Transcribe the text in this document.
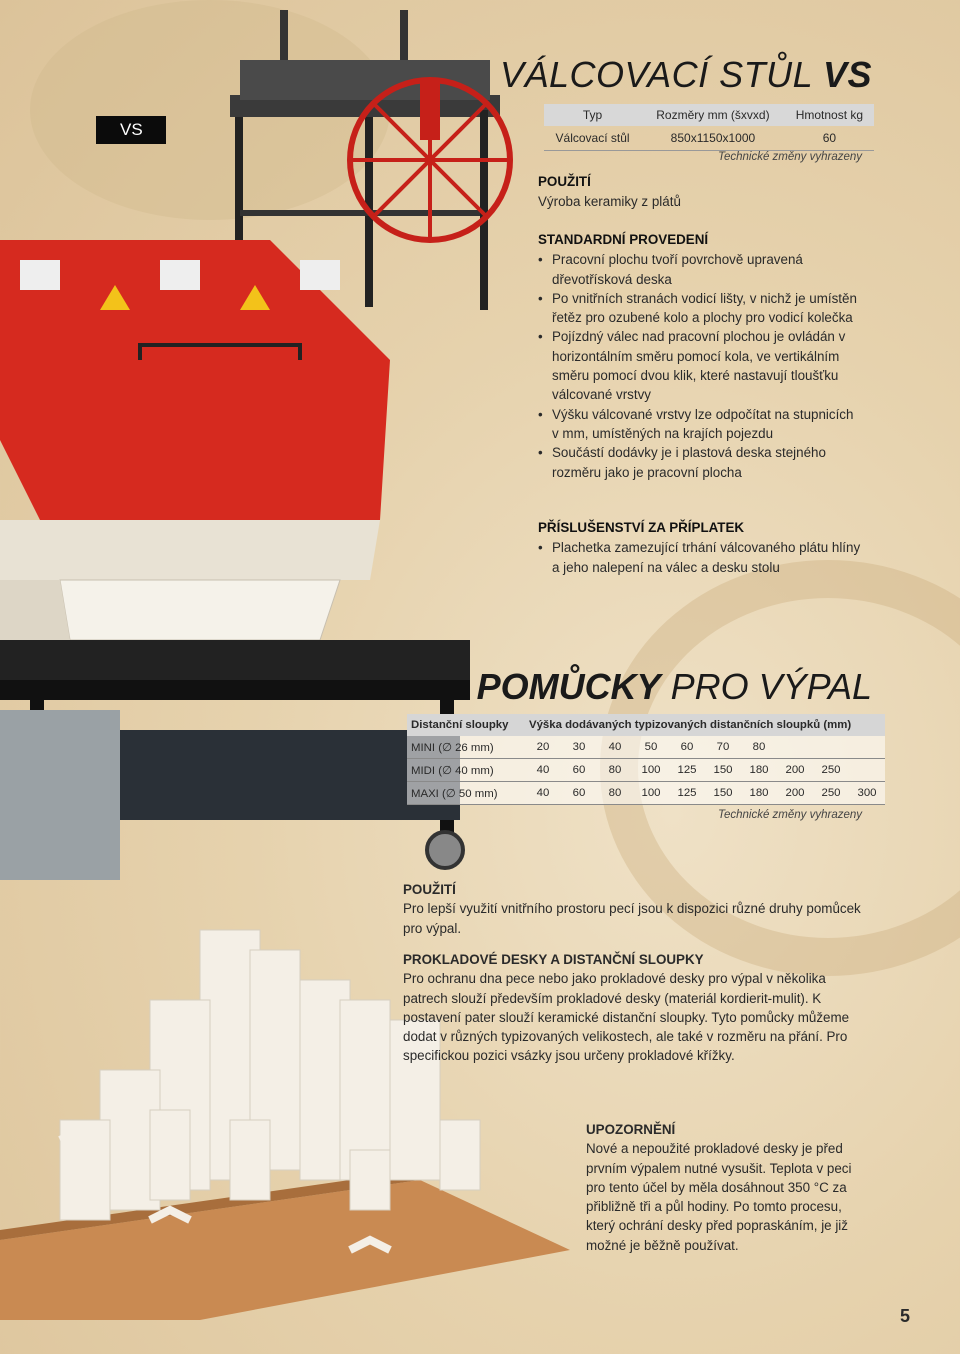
VS
VÁLCOVACÍ STŮL VS
Typ	Rozměry mm (šxvxd)	Hmotnost kg
Válcovací stůl	850x1150x1000	60
Technické změny vyhrazeny
POUŽITÍ

Výroba keramiky z plátů

STANDARDNÍ PROVEDENÍ
• Pracovní plochu tvoří povrchově upravená dřevotřísková deska
• Po vnitřních stranách vodicí lišty, v nichž je umístěn řetěz pro ozubené kolo a plochy pro vodicí kolečka
• Pojízdný válec nad pracovní plochou je ovládán v horizontálním směru pomocí kola, ve vertikálním směru pomocí dvou klik, které nastavují tloušťku válcované vrstvy
• Výšku válcované vrstvy lze odpočítat na stupnicích v mm, umístěných na krajích pojezdu
• Součástí dodávky je i plastová deska stejného rozměru jako je pracovní plocha
PŘÍSLUŠENSTVÍ ZA PŘÍPLATEK
• Plachetka zamezující trhání válcovaného plátu hlíny a jeho nalepení na válec a desku stolu
POMŮCKY PRO VÝPAL
Distanční sloupky	Výška dodávaných typizovaných distančních sloupků (mm)									
MINI (∅ 26 mm)	20	30	40	50	60	70	80			
MIDI (∅ 40 mm)	40	60	80	100	125	150	180	200	250	
MAXI (∅ 50 mm)	40	60	80	100	125	150	180	200	250	300
Technické změny vyhrazeny
POUŽITÍ

Pro lepší využití vnitřního prostoru pecí jsou k dispozici různé druhy pomůcek pro výpal.

PROKLADOVÉ DESKY A DISTANČNÍ SLOUPKY

Pro ochranu dna pece nebo jako prokladové desky pro výpal v několika patrech slouží především prokladové desky (materiál kordierit-mulit). K postavení pater slouží keramické distanční sloupky. Tyto pomůcky můžeme dodat v různých typizovaných velikostech, ale také v rozměru na přání. Pro specifickou pozici vsázky jsou určeny prokladové křížky.

UPOZORNĚNÍ

Nové a nepoužité prokladové desky je před prvním výpalem nutné vysušit. Teplota v peci pro tento účel by měla dosáhnout 350 °C za přibližně tři a půl hodiny. Po tomto procesu, který ochrání desky před popraskáním, je již možné je běžně používat.

5
